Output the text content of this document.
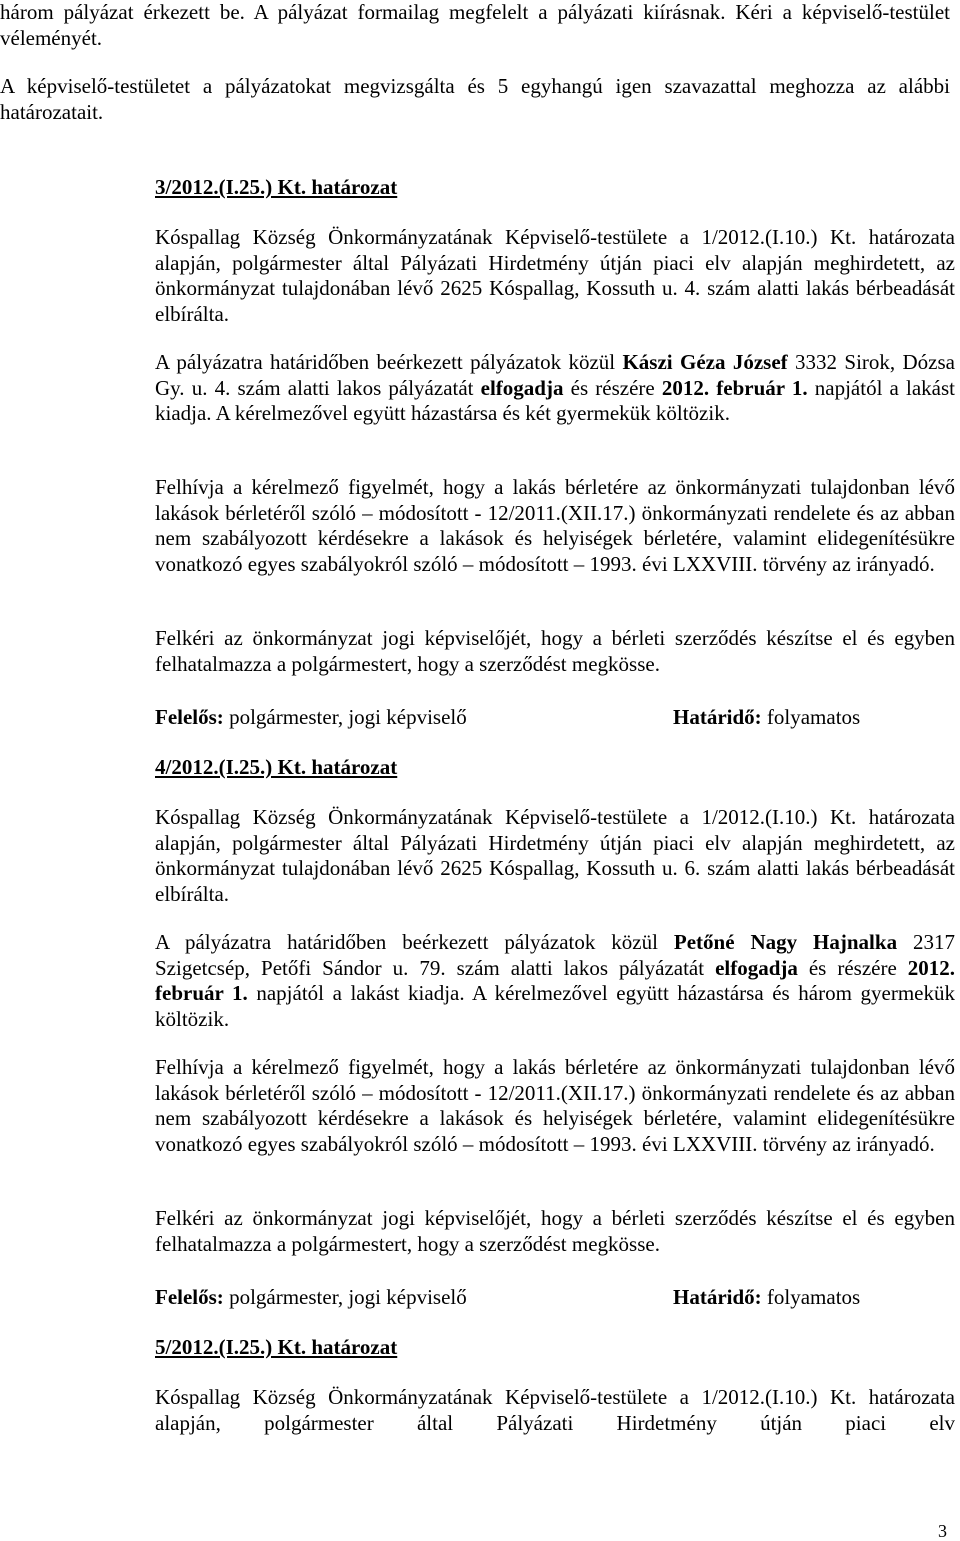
három pályázat érkezett be. A pályázat formailag megfelelt a pályázati kiírásnak. Kéri a képviselő-testület véleményét.

A képviselő-testületet a pályázatokat megvizsgálta és 5 egyhangú igen szavazattal meghozza az alábbi határozatait.

3/2012.(I.25.) Kt. határozat

Kóspallag Község Önkormányzatának Képviselő-testülete a 1/2012.(I.10.) Kt. határozata alapján, polgármester által Pályázati Hirdetmény útján piaci elv alapján meghirdetett, az önkormányzat tulajdonában lévő 2625 Kóspallag, Kossuth u. 4. szám alatti lakás bérbeadását elbírálta.

A pályázatra határidőben beérkezett pályázatok közül Kászi Géza József 3332 Sirok, Dózsa Gy. u. 4. szám alatti lakos pályázatát elfogadja és részére 2012. február 1. napjától a lakást kiadja. A kérelmezővel együtt házastársa és két gyermekük költözik.

Felhívja a kérelmező figyelmét, hogy a lakás bérletére az önkormányzati tulajdonban lévő lakások bérletéről szóló – módosított - 12/2011.(XII.17.) önkormányzati rendelete és az abban nem szabályozott kérdésekre a lakások és helyiségek bérletére, valamint elidegenítésükre vonatkozó egyes szabályokról szóló – módosított – 1993. évi LXXVIII. törvény az irányadó.

Felkéri az önkormányzat jogi képviselőjét, hogy a bérleti szerződés készítse el és egyben felhatalmazza a polgármestert, hogy a szerződést megkösse.

Felelős: polgármester, jogi képviselő	Határidő: folyamatos

4/2012.(I.25.) Kt. határozat

Kóspallag Község Önkormányzatának Képviselő-testülete a 1/2012.(I.10.) Kt. határozata alapján, polgármester által Pályázati Hirdetmény útján piaci elv alapján meghirdetett, az önkormányzat tulajdonában lévő 2625 Kóspallag, Kossuth u. 6. szám alatti lakás bérbeadását elbírálta.

A pályázatra határidőben beérkezett pályázatok közül Petőné Nagy Hajnalka 2317 Szigetcsép, Petőfi Sándor u. 79. szám alatti lakos pályázatát elfogadja és részére 2012. február 1. napjától a lakást kiadja. A kérelmezővel együtt házastársa és három gyermekük költözik.

Felhívja a kérelmező figyelmét, hogy a lakás bérletére az önkormányzati tulajdonban lévő lakások bérletéről szóló – módosított - 12/2011.(XII.17.) önkormányzati rendelete és az abban nem szabályozott kérdésekre a lakások és helyiségek bérletére, valamint elidegenítésükre vonatkozó egyes szabályokról szóló – módosított – 1993. évi LXXVIII. törvény az irányadó.

Felkéri az önkormányzat jogi képviselőjét, hogy a bérleti szerződés készítse el és egyben felhatalmazza a polgármestert, hogy a szerződést megkösse.

Felelős: polgármester, jogi képviselő	Határidő: folyamatos

5/2012.(I.25.) Kt. határozat

Kóspallag Község Önkormányzatának Képviselő-testülete a 1/2012.(I.10.) Kt. határozata alapján, polgármester által Pályázati Hirdetmény útján piaci elv

3
